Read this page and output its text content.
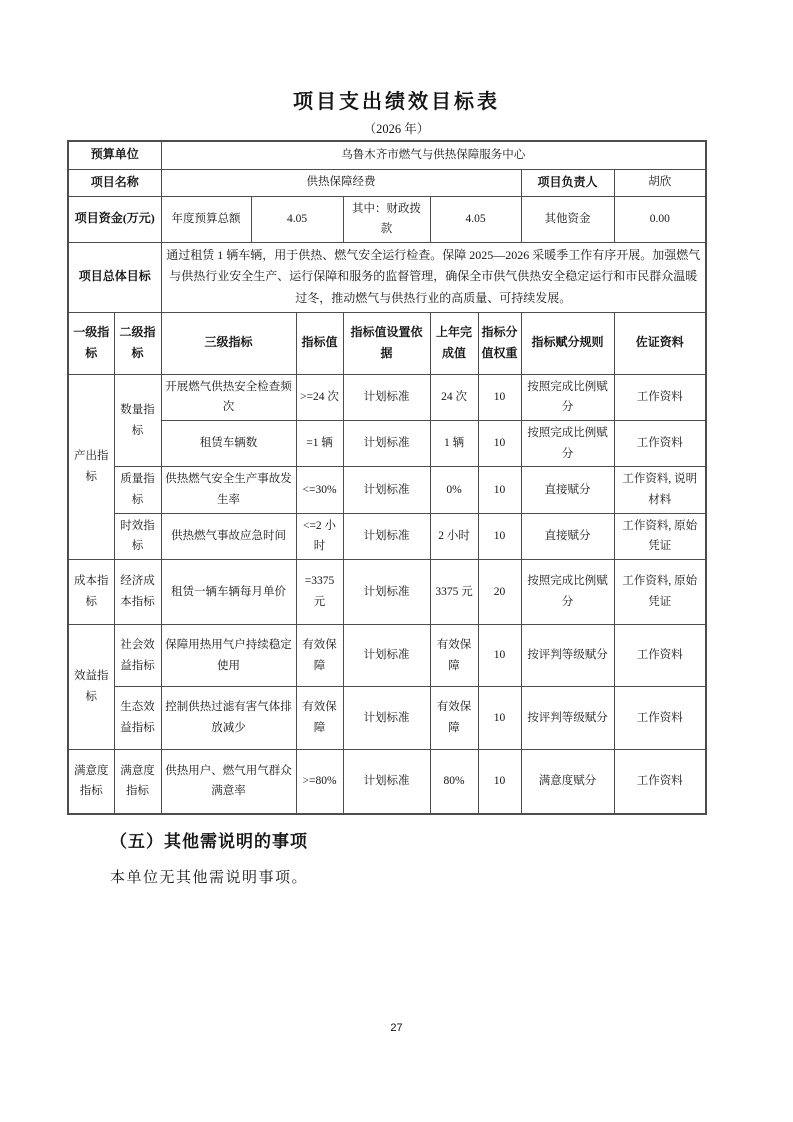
项目支出绩效目标表
（2026 年）
预算单位		乌鲁木齐市燃气与供热保障服务中心							
项目名称		供热保障经费						项目负责人	胡欣
项目资金(万元)		年度预算总额	4.05		其中：财政拨款	4.05		其他资金	0.00
项目总体目标		通过租赁 1 辆车辆，用于供热、燃气安全运行检查。保障 2025—2026 采暖季工作有序开展。加强燃气与供热行业安全生产、运行保障和服务的监督管理，确保全市供气供热安全稳定运行和市民群众温暖过冬，推动燃气与供热行业的高质量、可持续发展。							
一级指标	二级指标	三级指标		指标值	指标值设置依据	上年完成值	指标分值权重	指标赋分规则	佐证资料
产出指标	数量指标	开展燃气供热安全检查频次		>=24 次	计划标准	24 次	10	按照完成比例赋分	工作资料
		租赁车辆数		=1 辆	计划标准	1 辆	10	按照完成比例赋分	工作资料
	质量指标	供热燃气安全生产事故发生率		<=30%	计划标准	0%	10	直接赋分	工作资料, 说明材料
	时效指标	供热燃气事故应急时间		<=2 小时	计划标准	2 小时	10	直接赋分	工作资料, 原始凭证
成本指标	经济成本指标	租赁一辆车辆每月单价		=3375 元	计划标准	3375 元	20	按照完成比例赋分	工作资料, 原始凭证
效益指标	社会效益指标	保障用热用气户持续稳定使用		有效保障	计划标准	有效保障	10	按评判等级赋分	工作资料
	生态效益指标	控制供热过滤有害气体排放减少		有效保障	计划标准	有效保障	10	按评判等级赋分	工作资料
满意度指标	满意度指标	供热用户、燃气用气群众满意率		>=80%	计划标准	80%	10	满意度赋分	工作资料
（五）其他需说明的事项
本单位无其他需说明事项。
27
